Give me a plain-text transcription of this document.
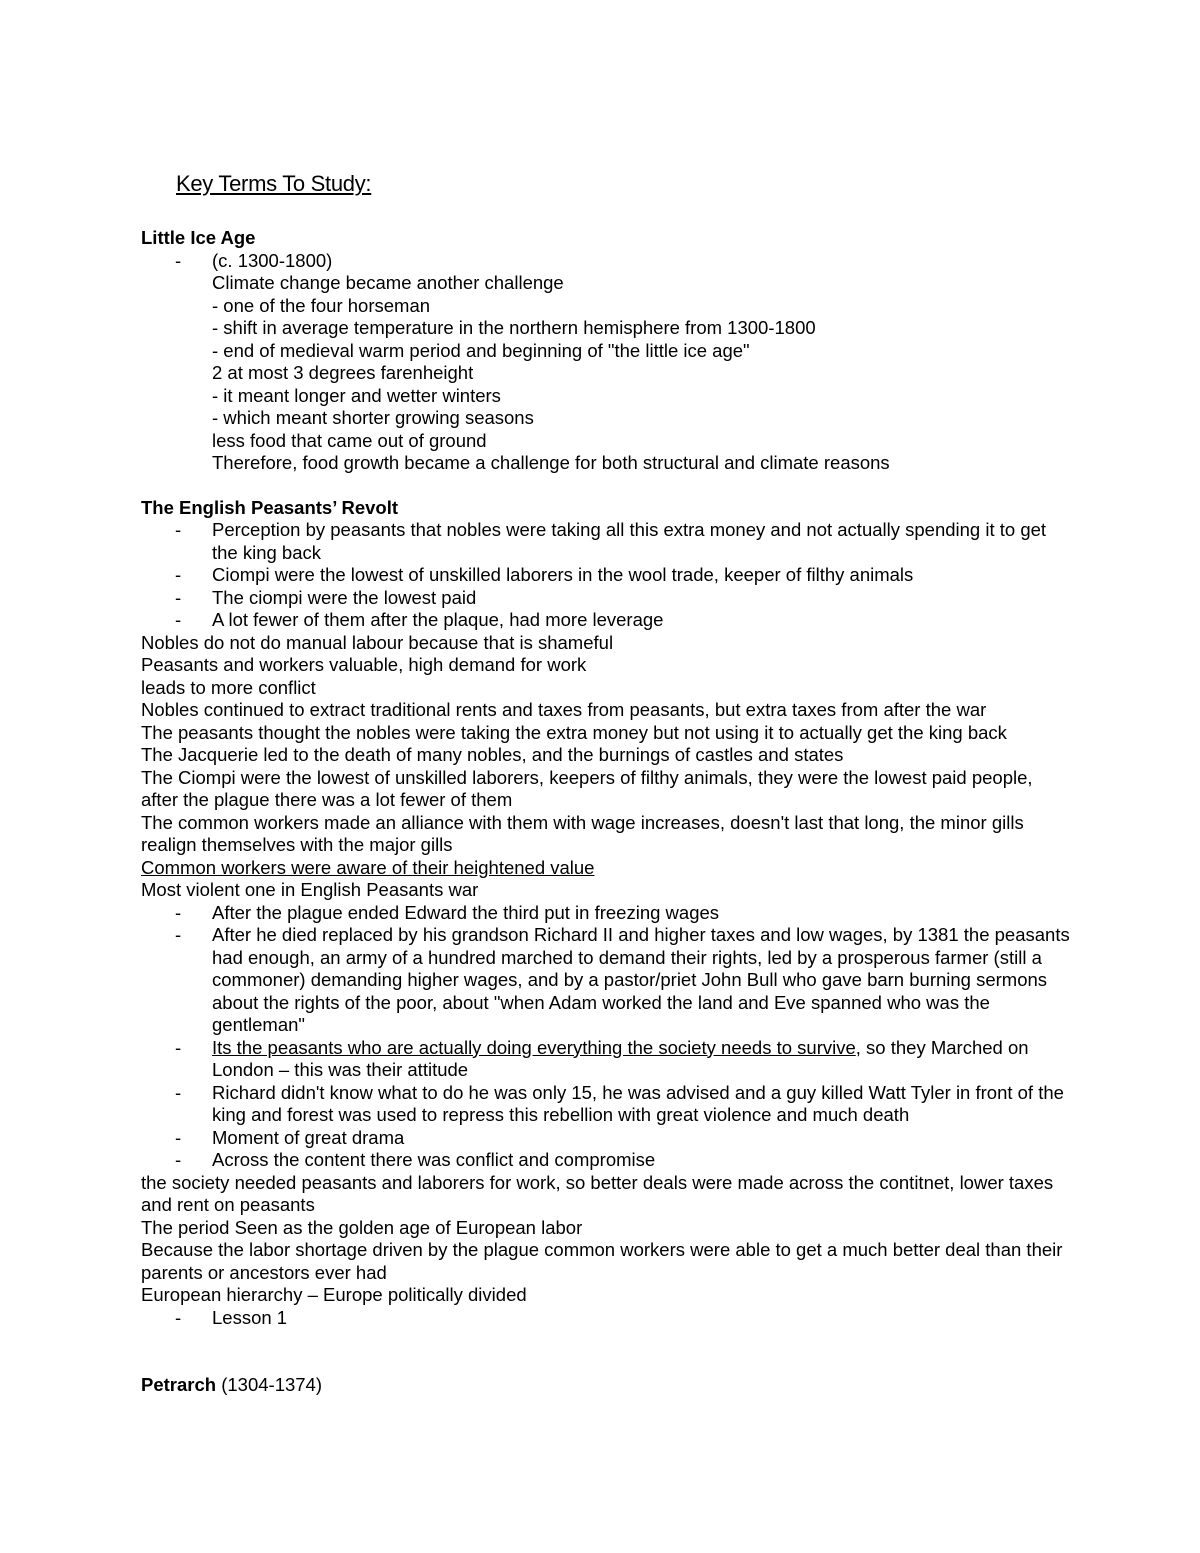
Key Terms To Study:
Little Ice Age
- (c. 1300-1800)
Climate change became another challenge
- one of the four horseman
- shift in average temperature in the northern hemisphere from 1300-1800
- end of medieval warm period and beginning of "the little ice age"
2 at most 3 degrees farenheight
- it meant longer and wetter winters
- which meant shorter growing seasons
less food that came out of ground
Therefore, food growth became a challenge for both structural and climate reasons
The English Peasants’ Revolt
- Perception by peasants that nobles were taking all this extra money and not actually spending it to get the king back
- Ciompi were the lowest of unskilled laborers in the wool trade, keeper of filthy animals
- The ciompi were the lowest paid
- A lot fewer of them after the plaque, had more leverage
Nobles do not do manual labour because that is shameful
Peasants and workers valuable, high demand for work
leads to more conflict
Nobles continued to extract traditional rents and taxes from peasants, but extra taxes from after the war
The peasants thought the nobles were taking the extra money but not using it to actually get the king back
The Jacquerie led to the death of many nobles, and the burnings of castles and states
The Ciompi were the lowest of unskilled laborers, keepers of filthy animals, they were the lowest paid people, after the plague there was a lot fewer of them
The common workers made an alliance with them with wage increases, doesn't last that long, the minor gills realign themselves with the major gills
Common workers were aware of their heightened value
Most violent one in English Peasants war
- After the plague ended Edward the third put in freezing wages
- After he died replaced by his grandson Richard II and higher taxes and low wages, by 1381 the peasants had enough, an army of a hundred marched to demand their rights, led by a prosperous farmer (still a commoner) demanding higher wages, and by a pastor/priet John Bull who gave barn burning sermons about the rights of the poor, about "when Adam worked the land and Eve spanned who was the gentleman"
- Its the peasants who are actually doing everything the society needs to survive, so they Marched on London – this was their attitude
- Richard didn't know what to do he was only 15, he was advised and a guy killed Watt Tyler in front of the king and forest was used to repress this rebellion with great violence and much death
- Moment of great drama
- Across the content there was conflict and compromise
the society needed peasants and laborers for work, so better deals were made across the contitnet, lower taxes and rent on peasants
The period Seen as the golden age of European labor
Because the labor shortage driven by the plague common workers were able to get a much better deal than their parents or ancestors ever had
European hierarchy – Europe politically divided
- Lesson 1
Petrarch (1304-1374)
